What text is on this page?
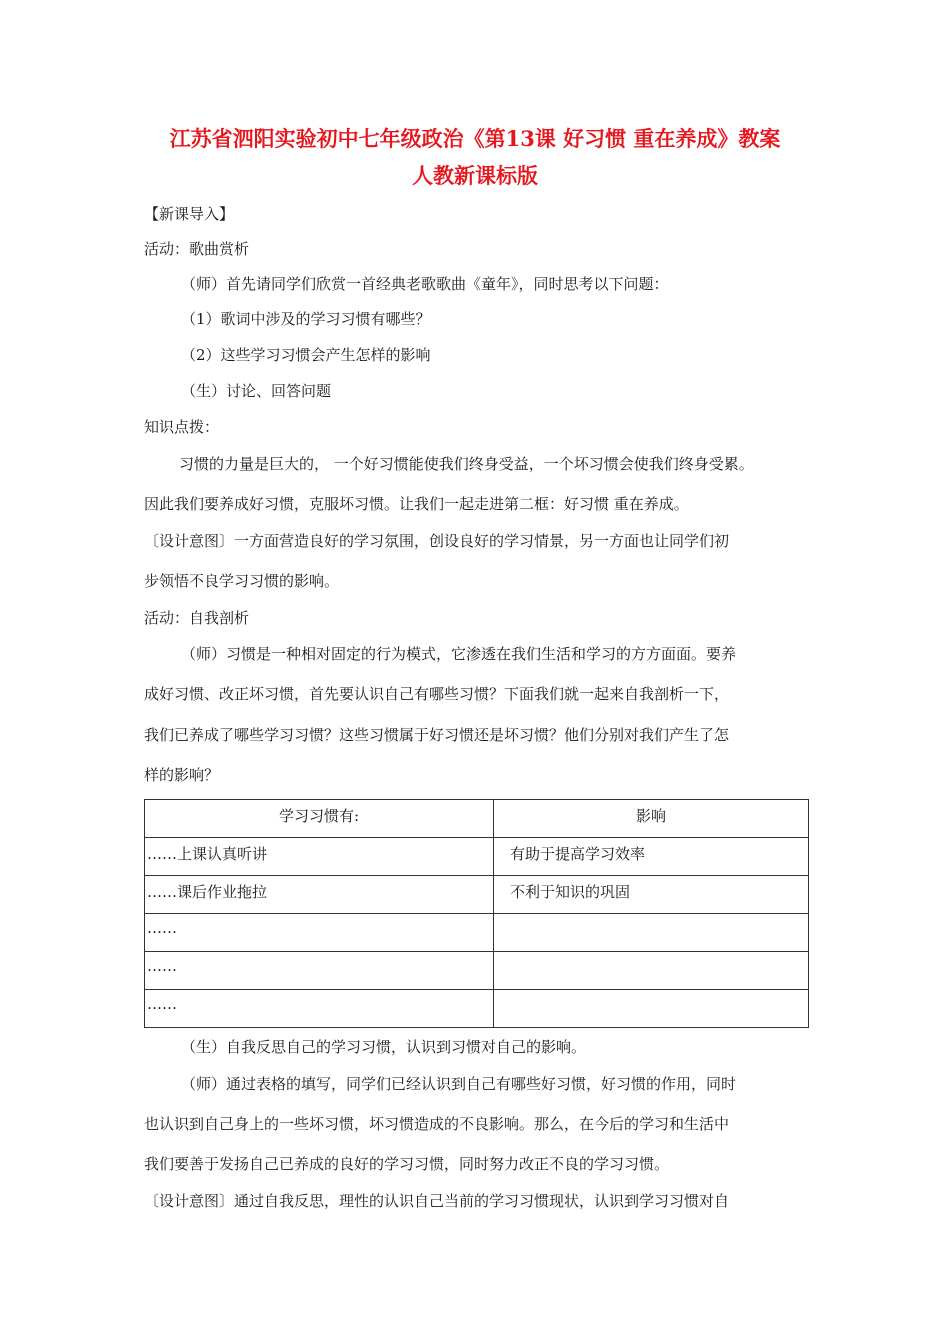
江苏省泗阳实验初中七年级政治《第13课 好习惯 重在养成》教案
人教新课标版

【新课导入】

活动：歌曲赏析

（师）首先请同学们欣赏一首经典老歌歌曲《童年》，同时思考以下问题：

（1）歌词中涉及的学习习惯有哪些？

（2）这些学习习惯会产生怎样的影响

（生）讨论、回答问题

知识点拨：

习惯的力量是巨大的， 一个好习惯能使我们终身受益，一个坏习惯会使我们终身受累。

因此我们要养成好习惯，克服坏习惯。让我们一起走进第二框：好习惯 重在养成。

〔设计意图〕一方面营造良好的学习氛围，创设良好的学习情景，另一方面也让同学们初

步领悟不良学习习惯的影响。

活动：自我剖析

（师）习惯是一种相对固定的行为模式，它渗透在我们生活和学习的方方面面。要养

成好习惯、改正坏习惯，首先要认识自己有哪些习惯？下面我们就一起来自我剖析一下，

我们已养成了哪些学习习惯？这些习惯属于好习惯还是坏习惯？他们分别对我们产生了怎

样的影响？

学习习惯有:	影响
……上课认真听讲	有助于提高学习效率
……课后作业拖拉	不利于知识的巩固
……	
……	
……	

（生）自我反思自己的学习习惯，认识到习惯对自己的影响。

（师）通过表格的填写，同学们已经认识到自己有哪些好习惯，好习惯的作用，同时

也认识到自己身上的一些坏习惯，坏习惯造成的不良影响。那么，在今后的学习和生活中

我们要善于发扬自己已养成的良好的学习习惯，同时努力改正不良的学习习惯。

〔设计意图〕通过自我反思，理性的认识自己当前的学习习惯现状，认识到学习习惯对自
